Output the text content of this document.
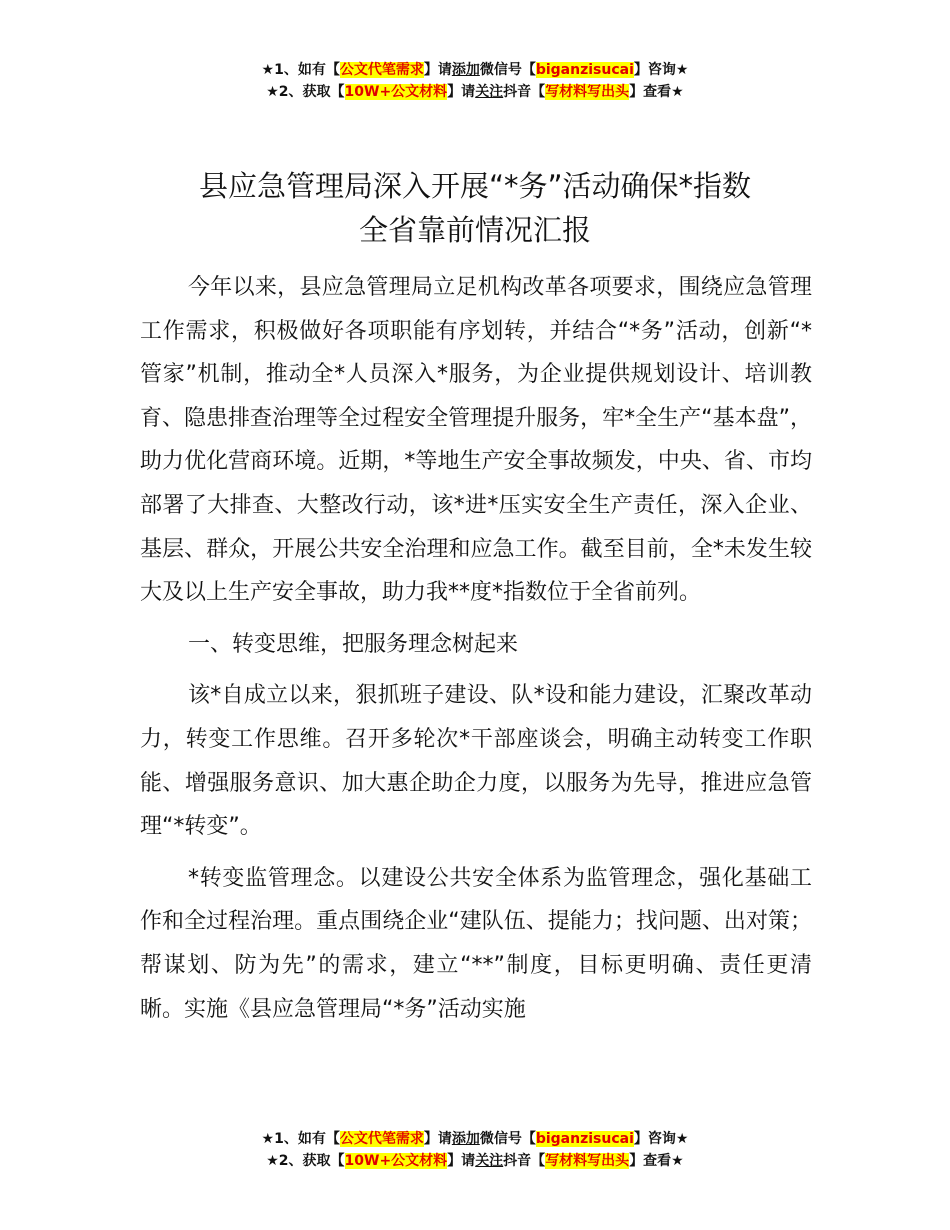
★1、如有【公文代笔需求】请添加微信号【biganzisucai】咨询★
★2、获取【10W+公文材料】请关注抖音【写材料写出头】查看★
县应急管理局深入开展“*务”活动确保*指数
全省靠前情况汇报

今年以来，县应急管理局立足机构改革各项要求，围绕应急管理工作需求，积极做好各项职能有序划转，并结合“*务”活动，创新“*管家”机制，推动全*人员深入*服务，为企业提供规划设计、培训教育、隐患排查治理等全过程安全管理提升服务，牢*全生产“基本盘”，助力优化营商环境。近期，*等地生产安全事故频发，中央、省、市均部署了大排查、大整改行动，该*进*压实安全生产责任，深入企业、基层、群众，开展公共安全治理和应急工作。截至目前，全*未发生较大及以上生产安全事故，助力我**度*指数位于全省前列。

一、转变思维，把服务理念树起来

该*自成立以来，狠抓班子建设、队*设和能力建设，汇聚改革动力，转变工作思维。召开多轮次*干部座谈会，明确主动转变工作职能、增强服务意识、加大惠企助企力度，以服务为先导，推进应急管理“*转变”。

*转变监管理念。以建设公共安全体系为监管理念，强化基础工作和全过程治理。重点围绕企业“建队伍、提能力；找问题、出对策；帮谋划、防为先”的需求，建立“**”制度，目标更明确、责任更清晰。实施《县应急管理局“*务”活动实施

★1、如有【公文代笔需求】请添加微信号【biganzisucai】咨询★
★2、获取【10W+公文材料】请关注抖音【写材料写出头】查看★
